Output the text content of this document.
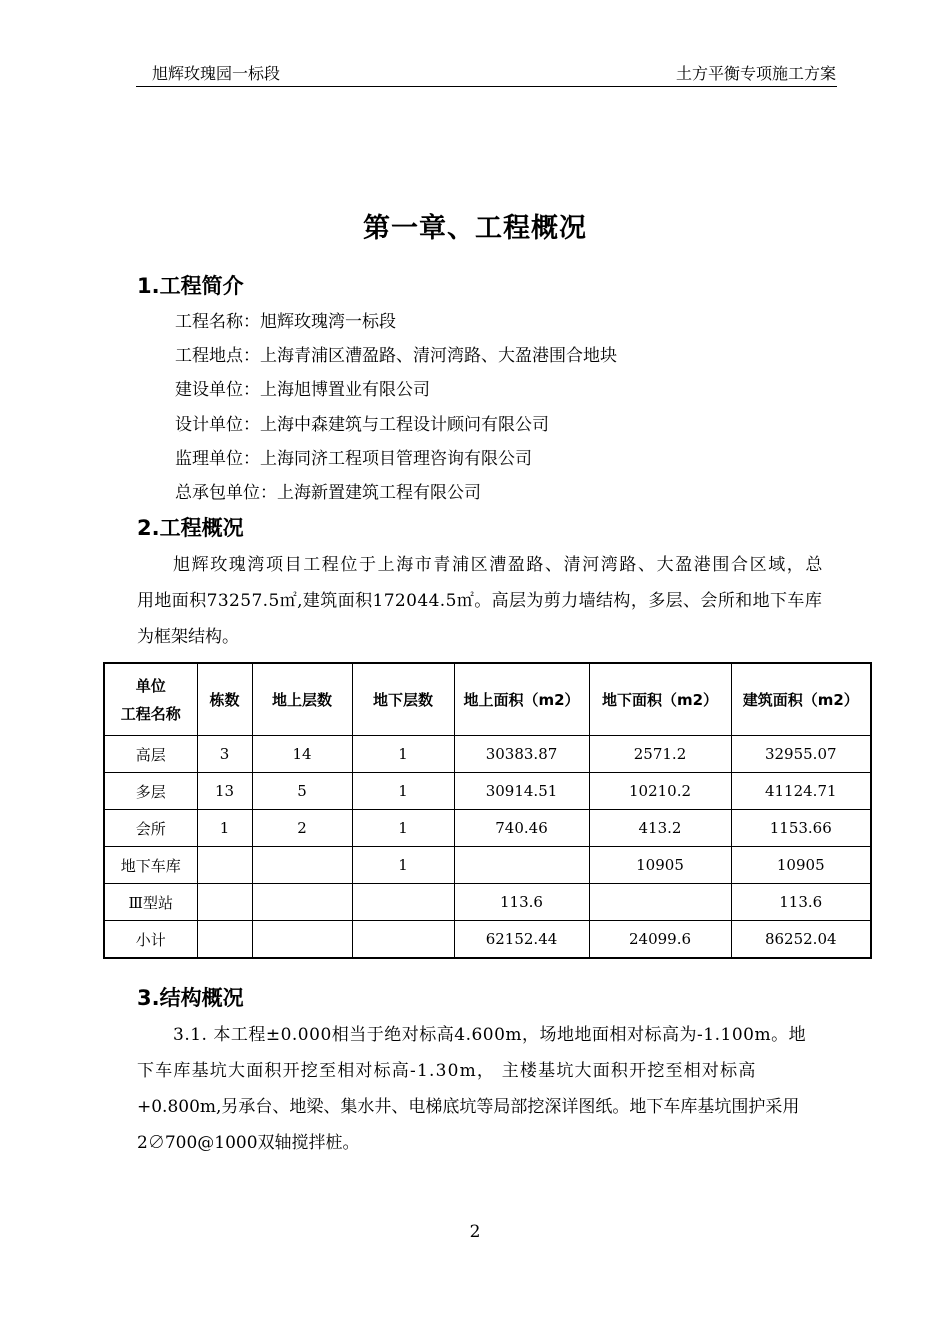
旭辉玫瑰园一标段	土方平衡专项施工方案
第一章、工程概况
1.工程简介
工程名称：旭辉玫瑰湾一标段
工程地点：上海青浦区漕盈路、清河湾路、大盈港围合地块
建设单位：上海旭博置业有限公司
设计单位：上海中森建筑与工程设计顾问有限公司
监理单位：上海同济工程项目管理咨询有限公司
总承包单位：上海新置建筑工程有限公司
2.工程概况
旭辉玫瑰湾项目工程位于上海市青浦区漕盈路、清河湾路、大盈港围合区域，总
用地面积73257.5㎡,建筑面积172044.5㎡。高层为剪力墙结构，多层、会所和地下车库
为框架结构。
单位
工程名称	栋数	地上层数	地下层数	地上面积（m2）	地下面积（m2）	建筑面积（m2）
高层	3	14	1	30383.87	2571.2	32955.07
多层	13	5	1	30914.51	10210.2	41124.71
会所	1	2	1	740.46	413.2	1153.66
地下车库			1		10905	10905
Ⅲ型站				113.6		113.6
小计				62152.44	24099.6	86252.04
3.结构概况
3.1. 本工程±0.000相当于绝对标高4.600m，场地地面相对标高为-1.100m。地
下车库基坑大面积开挖至相对标高-1.30m， 主楼基坑大面积开挖至相对标高
+0.800m,另承台、地梁、集水井、电梯底坑等局部挖深详图纸。地下车库基坑围护采用
2∅700@1000双轴搅拌桩。
2
